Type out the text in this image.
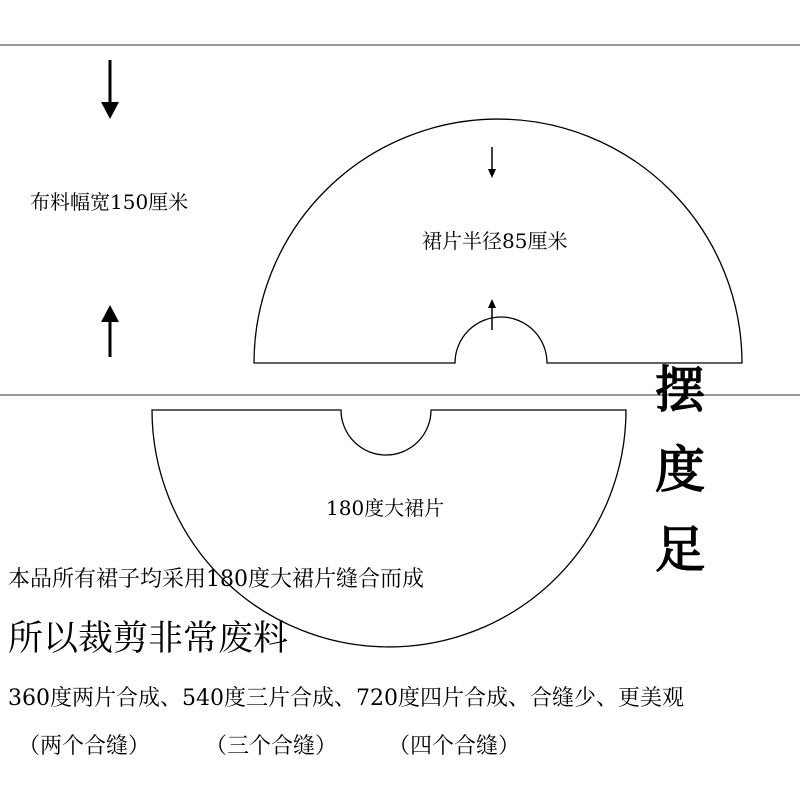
布料幅宽150厘米
裙片半径85厘米
180度大裙片
摆
度
足
本品所有裙子均采用180度大裙片缝合而成
所以裁剪非常废料
360度两片合成、540度三片合成、720度四片合成、合缝少、更美观
（两个合缝） （三个合缝） （四个合缝）
